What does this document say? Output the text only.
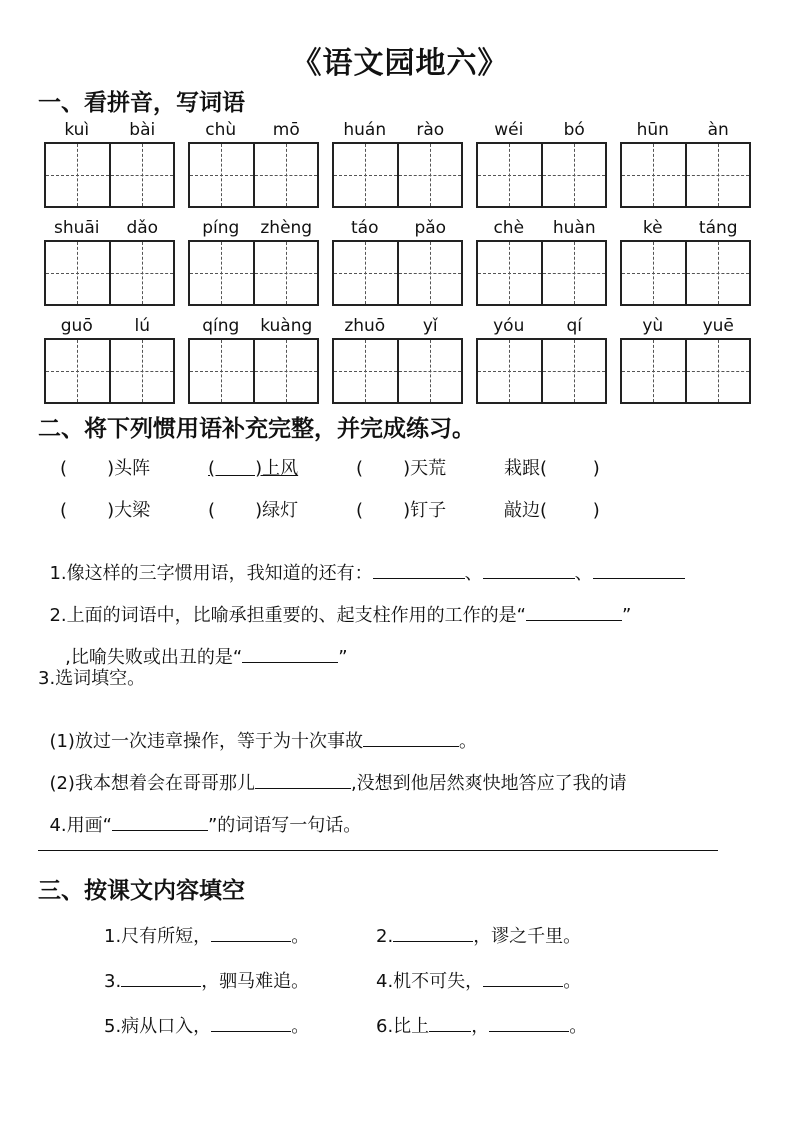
《语文园地六》
一、看拼音，写词语
kuì	bài	chù	mō	huán	rào	wéi	bó	hūn	àn
shuāi	dǎo	píng	zhèng	táo	pǎo	chè	huàn	kè	táng
guō	lú	qíng	kuàng	zhuō	yǐ	yóu	qí	yù	yuē
二、将下列惯用语补充完整，并完成练习。
(       )头阵	(       )上风	(       )天荒	栽跟(        )
(       )大梁	(       )绿灯	(       )钉子	敲边(        )

1.像这样的三字惯用语，我知道的还有：	、	、

2.上面的词语中，比喻承担重要的、起支柱作用的工作的是“	”

,比喻失败或出丑的是“	”

3.选词填空。

(1)放过一次违章操作，等于为十次事故	。

(2)我本想着会在哥哥那儿	,没想到他居然爽快地答应了我的请

4.用画“	”的词语写一句话。

三、按课文内容填空
1.尺有所短，	。	2.	，谬之千里。
3.	，驷马难追。	4.机不可失，	。
5.病从口入，	。	6.比上 ，	。
